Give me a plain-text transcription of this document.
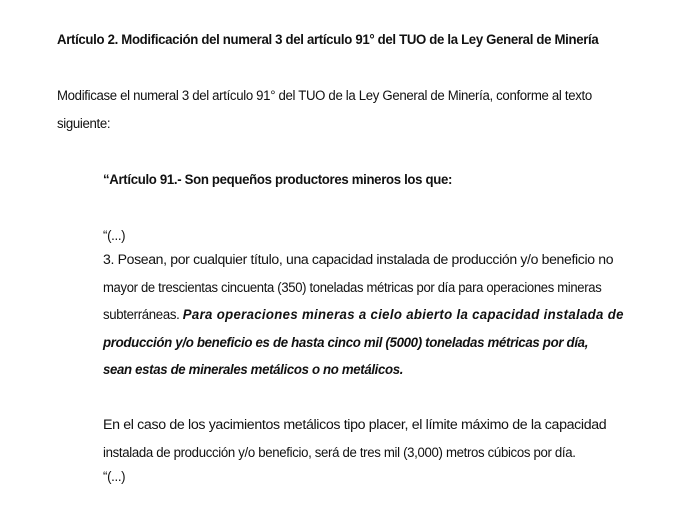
Artículo 2. Modificación del numeral 3 del artículo 91° del TUO de la Ley General de Minería
Modificase el numeral 3 del artículo 91° del TUO de la Ley General de Minería, conforme al texto
siguiente:
“Artículo 91.- Son pequeños productores mineros los que:
“(...)
3. Posean, por cualquier título, una capacidad instalada de producción y/o beneficio no
mayor de trescientas cincuenta (350) toneladas métricas por día para operaciones mineras
subterráneas. Para operaciones mineras a cielo abierto la capacidad instalada de
producción y/o beneficio es de hasta cinco mil (5000) toneladas métricas por día,
sean estas de minerales metálicos o no metálicos.
En el caso de los yacimientos metálicos tipo placer, el límite máximo de la capacidad
instalada de producción y/o beneficio, será de tres mil (3,000) metros cúbicos por día.
“(...)
